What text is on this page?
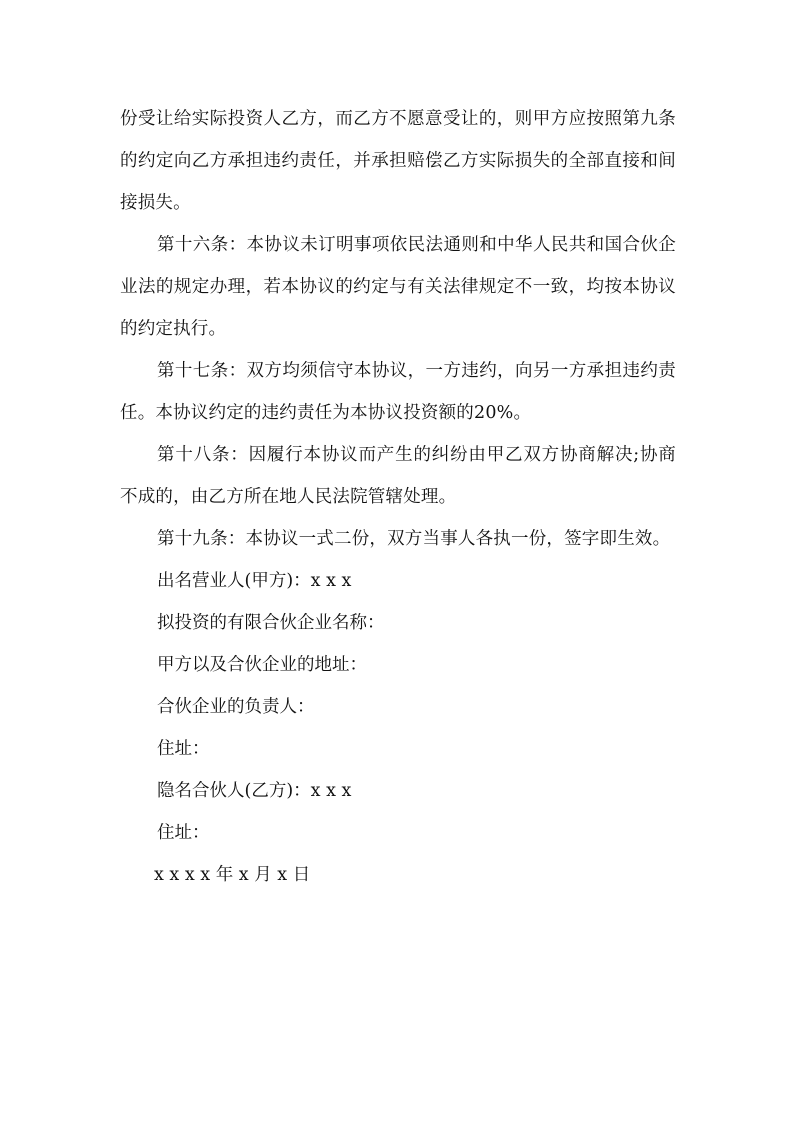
份受让给实际投资人乙方，而乙方不愿意受让的，则甲方应按照第九条的约定向乙方承担违约责任，并承担赔偿乙方实际损失的全部直接和间接损失。

第十六条：本协议未订明事项依民法通则和中华人民共和国合伙企业法的规定办理，若本协议的约定与有关法律规定不一致，均按本协议的约定执行。

第十七条：双方均须信守本协议，一方违约，向另一方承担违约责任。本协议约定的违约责任为本协议投资额的20%。

第十八条：因履行本协议而产生的纠纷由甲乙双方协商解决;协商不成的，由乙方所在地人民法院管辖处理。

第十九条：本协议一式二份，双方当事人各执一份，签字即生效。

出名营业人(甲方)：x x x

拟投资的有限合伙企业名称：

甲方以及合伙企业的地址：

合伙企业的负责人：

住址：

隐名合伙人(乙方)：x x x

住址：

x x x x 年 x 月 x 日
